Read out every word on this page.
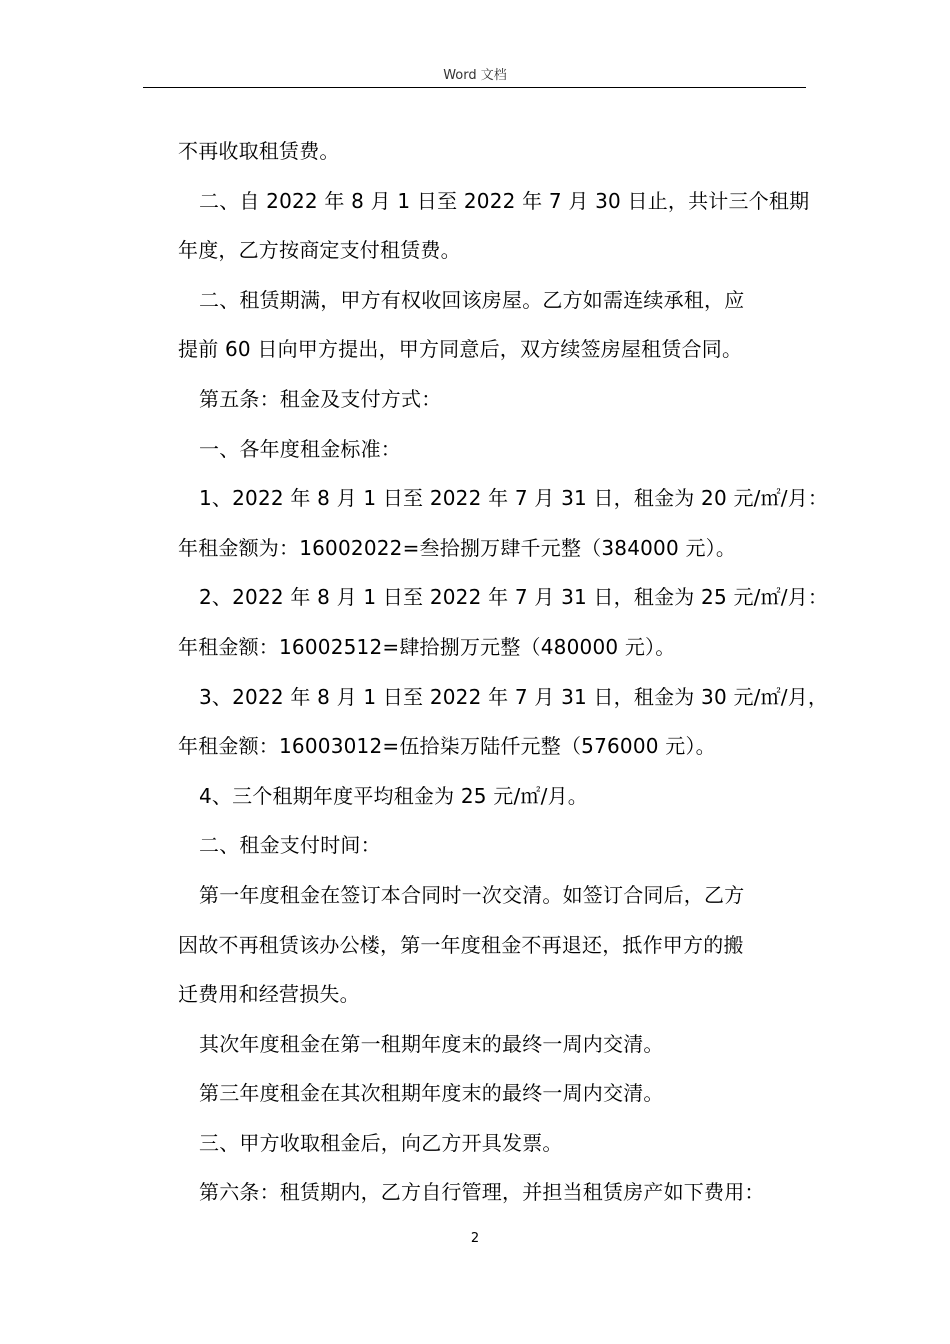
Word 文档

不再收取租赁费。

二、自 2022 年 8 月 1 日至 2022 年 7 月 30 日止，共计三个租期

年度，乙方按商定支付租赁费。

二、租赁期满，甲方有权收回该房屋。乙方如需连续承租，应

提前 60 日向甲方提出，甲方同意后，双方续签房屋租赁合同。

第五条：租金及支付方式：

一、各年度租金标准：

1、2022 年 8 月 1 日至 2022 年 7 月 31 日，租金为 20 元/㎡/月：

年租金额为：16002022=叁拾捌万肆千元整（384000 元）。

2、2022 年 8 月 1 日至 2022 年 7 月 31 日，租金为 25 元/㎡/月：

年租金额：16002512=肆拾捌万元整（480000 元）。

3、2022 年 8 月 1 日至 2022 年 7 月 31 日，租金为 30 元/㎡/月，

年租金额：16003012=伍拾柒万陆仟元整（576000 元）。

4、三个租期年度平均租金为 25 元/㎡/月。

二、租金支付时间：

第一年度租金在签订本合同时一次交清。如签订合同后，乙方

因故不再租赁该办公楼，第一年度租金不再退还，抵作甲方的搬

迁费用和经营损失。

其次年度租金在第一租期年度末的最终一周内交清。

第三年度租金在其次租期年度末的最终一周内交清。

三、甲方收取租金后，向乙方开具发票。

第六条：租赁期内，乙方自行管理，并担当租赁房产如下费用：

2
